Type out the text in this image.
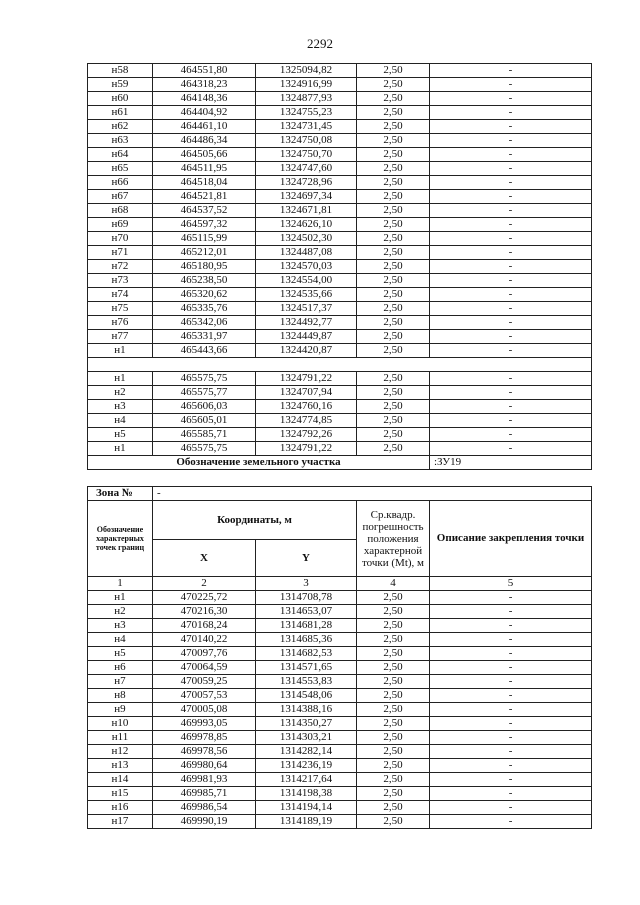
2292
н58	464551,80	1325094,82	2,50	-
н59	464318,23	1324916,99	2,50	-
н60	464148,36	1324877,93	2,50	-
н61	464404,92	1324755,23	2,50	-
н62	464461,10	1324731,45	2,50	-
н63	464486,34	1324750,08	2,50	-
н64	464505,66	1324750,70	2,50	-
н65	464511,95	1324747,60	2,50	-
н66	464518,04	1324728,96	2,50	-
н67	464521,81	1324697,34	2,50	-
н68	464537,52	1324671,81	2,50	-
н69	464597,32	1324626,10	2,50	-
н70	465115,99	1324502,30	2,50	-
н71	465212,01	1324487,08	2,50	-
н72	465180,95	1324570,03	2,50	-
н73	465238,50	1324554,00	2,50	-
н74	465320,62	1324535,66	2,50	-
н75	465335,76	1324517,37	2,50	-
н76	465342,06	1324492,77	2,50	-
н77	465331,97	1324449,87	2,50	-
н1	465443,66	1324420,87	2,50	-

н1	465575,75	1324791,22	2,50	-
н2	465575,77	1324707,94	2,50	-
н3	465606,03	1324760,16	2,50	-
н4	465605,01	1324774,85	2,50	-
н5	465585,71	1324792,26	2,50	-
н1	465575,75	1324791,22	2,50	-
Обозначение земельного участка				:ЗУ19
Зона №	-			
Обозначение характерных точек границ	Координаты, м		Ср.квадр. погрешность положения характерной точки (Mt), м	Описание закрепления точки
	X	Y		
1	2	3	4	5
н1	470225,72	1314708,78	2,50	-
н2	470216,30	1314653,07	2,50	-
н3	470168,24	1314681,28	2,50	-
н4	470140,22	1314685,36	2,50	-
н5	470097,76	1314682,53	2,50	-
н6	470064,59	1314571,65	2,50	-
н7	470059,25	1314553,83	2,50	-
н8	470057,53	1314548,06	2,50	-
н9	470005,08	1314388,16	2,50	-
н10	469993,05	1314350,27	2,50	-
н11	469978,85	1314303,21	2,50	-
н12	469978,56	1314282,14	2,50	-
н13	469980,64	1314236,19	2,50	-
н14	469981,93	1314217,64	2,50	-
н15	469985,71	1314198,38	2,50	-
н16	469986,54	1314194,14	2,50	-
н17	469990,19	1314189,19	2,50	-
